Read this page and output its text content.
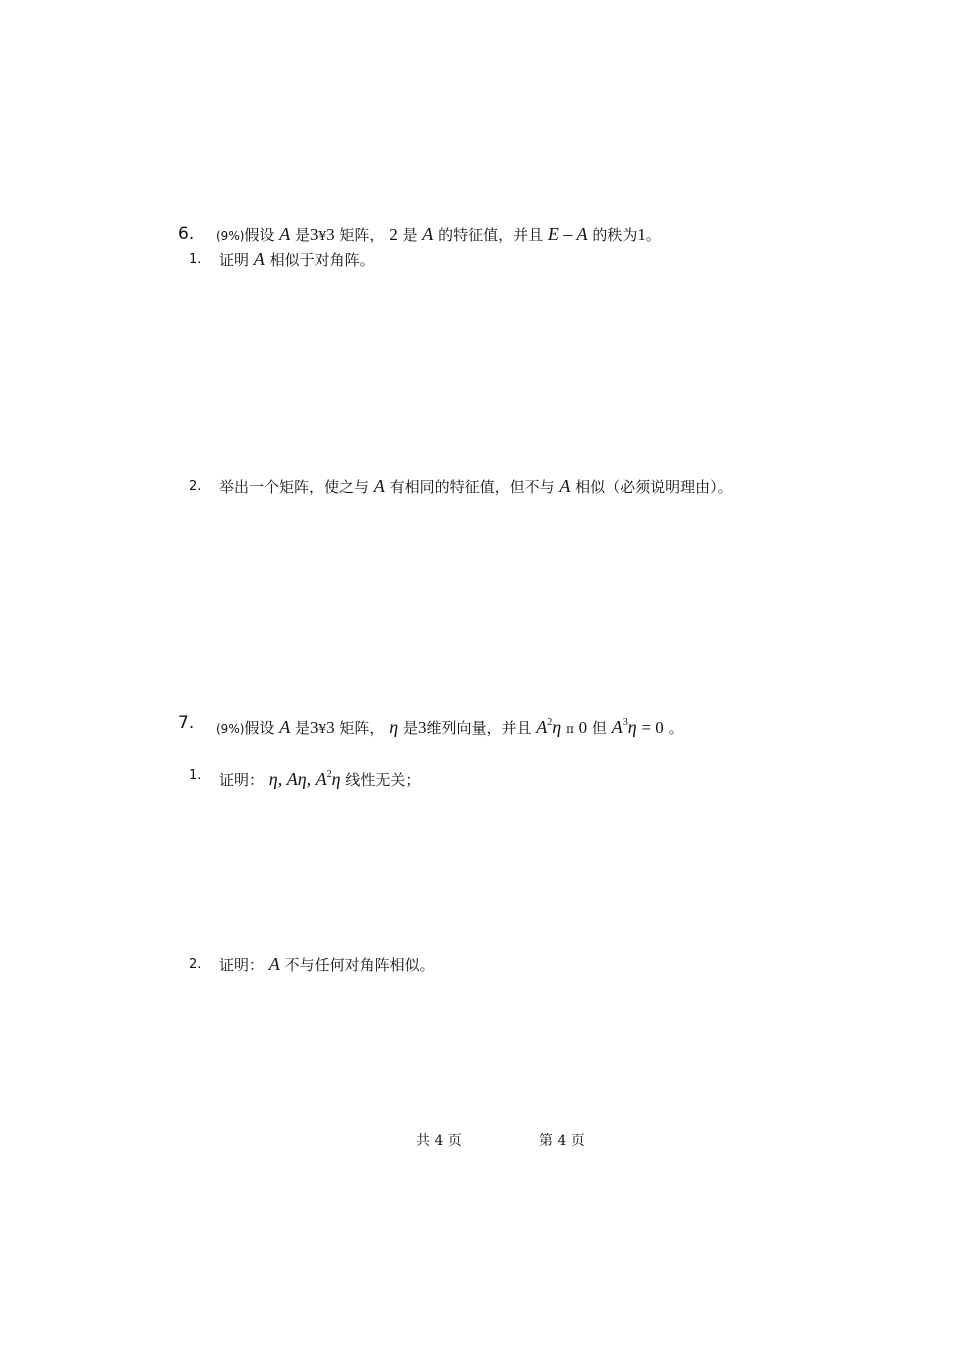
6. (9%)假设 A 是3¥3 矩阵， 2 是 A 的特征值，并且 E – A 的秩为1。
1. 证明 A 相似于对角阵。
2. 举出一个矩阵，使之与 A 有相同的特征值，但不与 A 相似（必须说明理由）。
7. (9%)假设 A 是3¥3 矩阵， η 是3维列向量，并且 $A^2\eta$ π 0 但 $A^3\eta = 0$ 。
1. 证明： η, Aη, $A^2\eta$ 线性无关；
2. 证明： A 不与任何对角阵相似。
共 4 页	第 4 页
